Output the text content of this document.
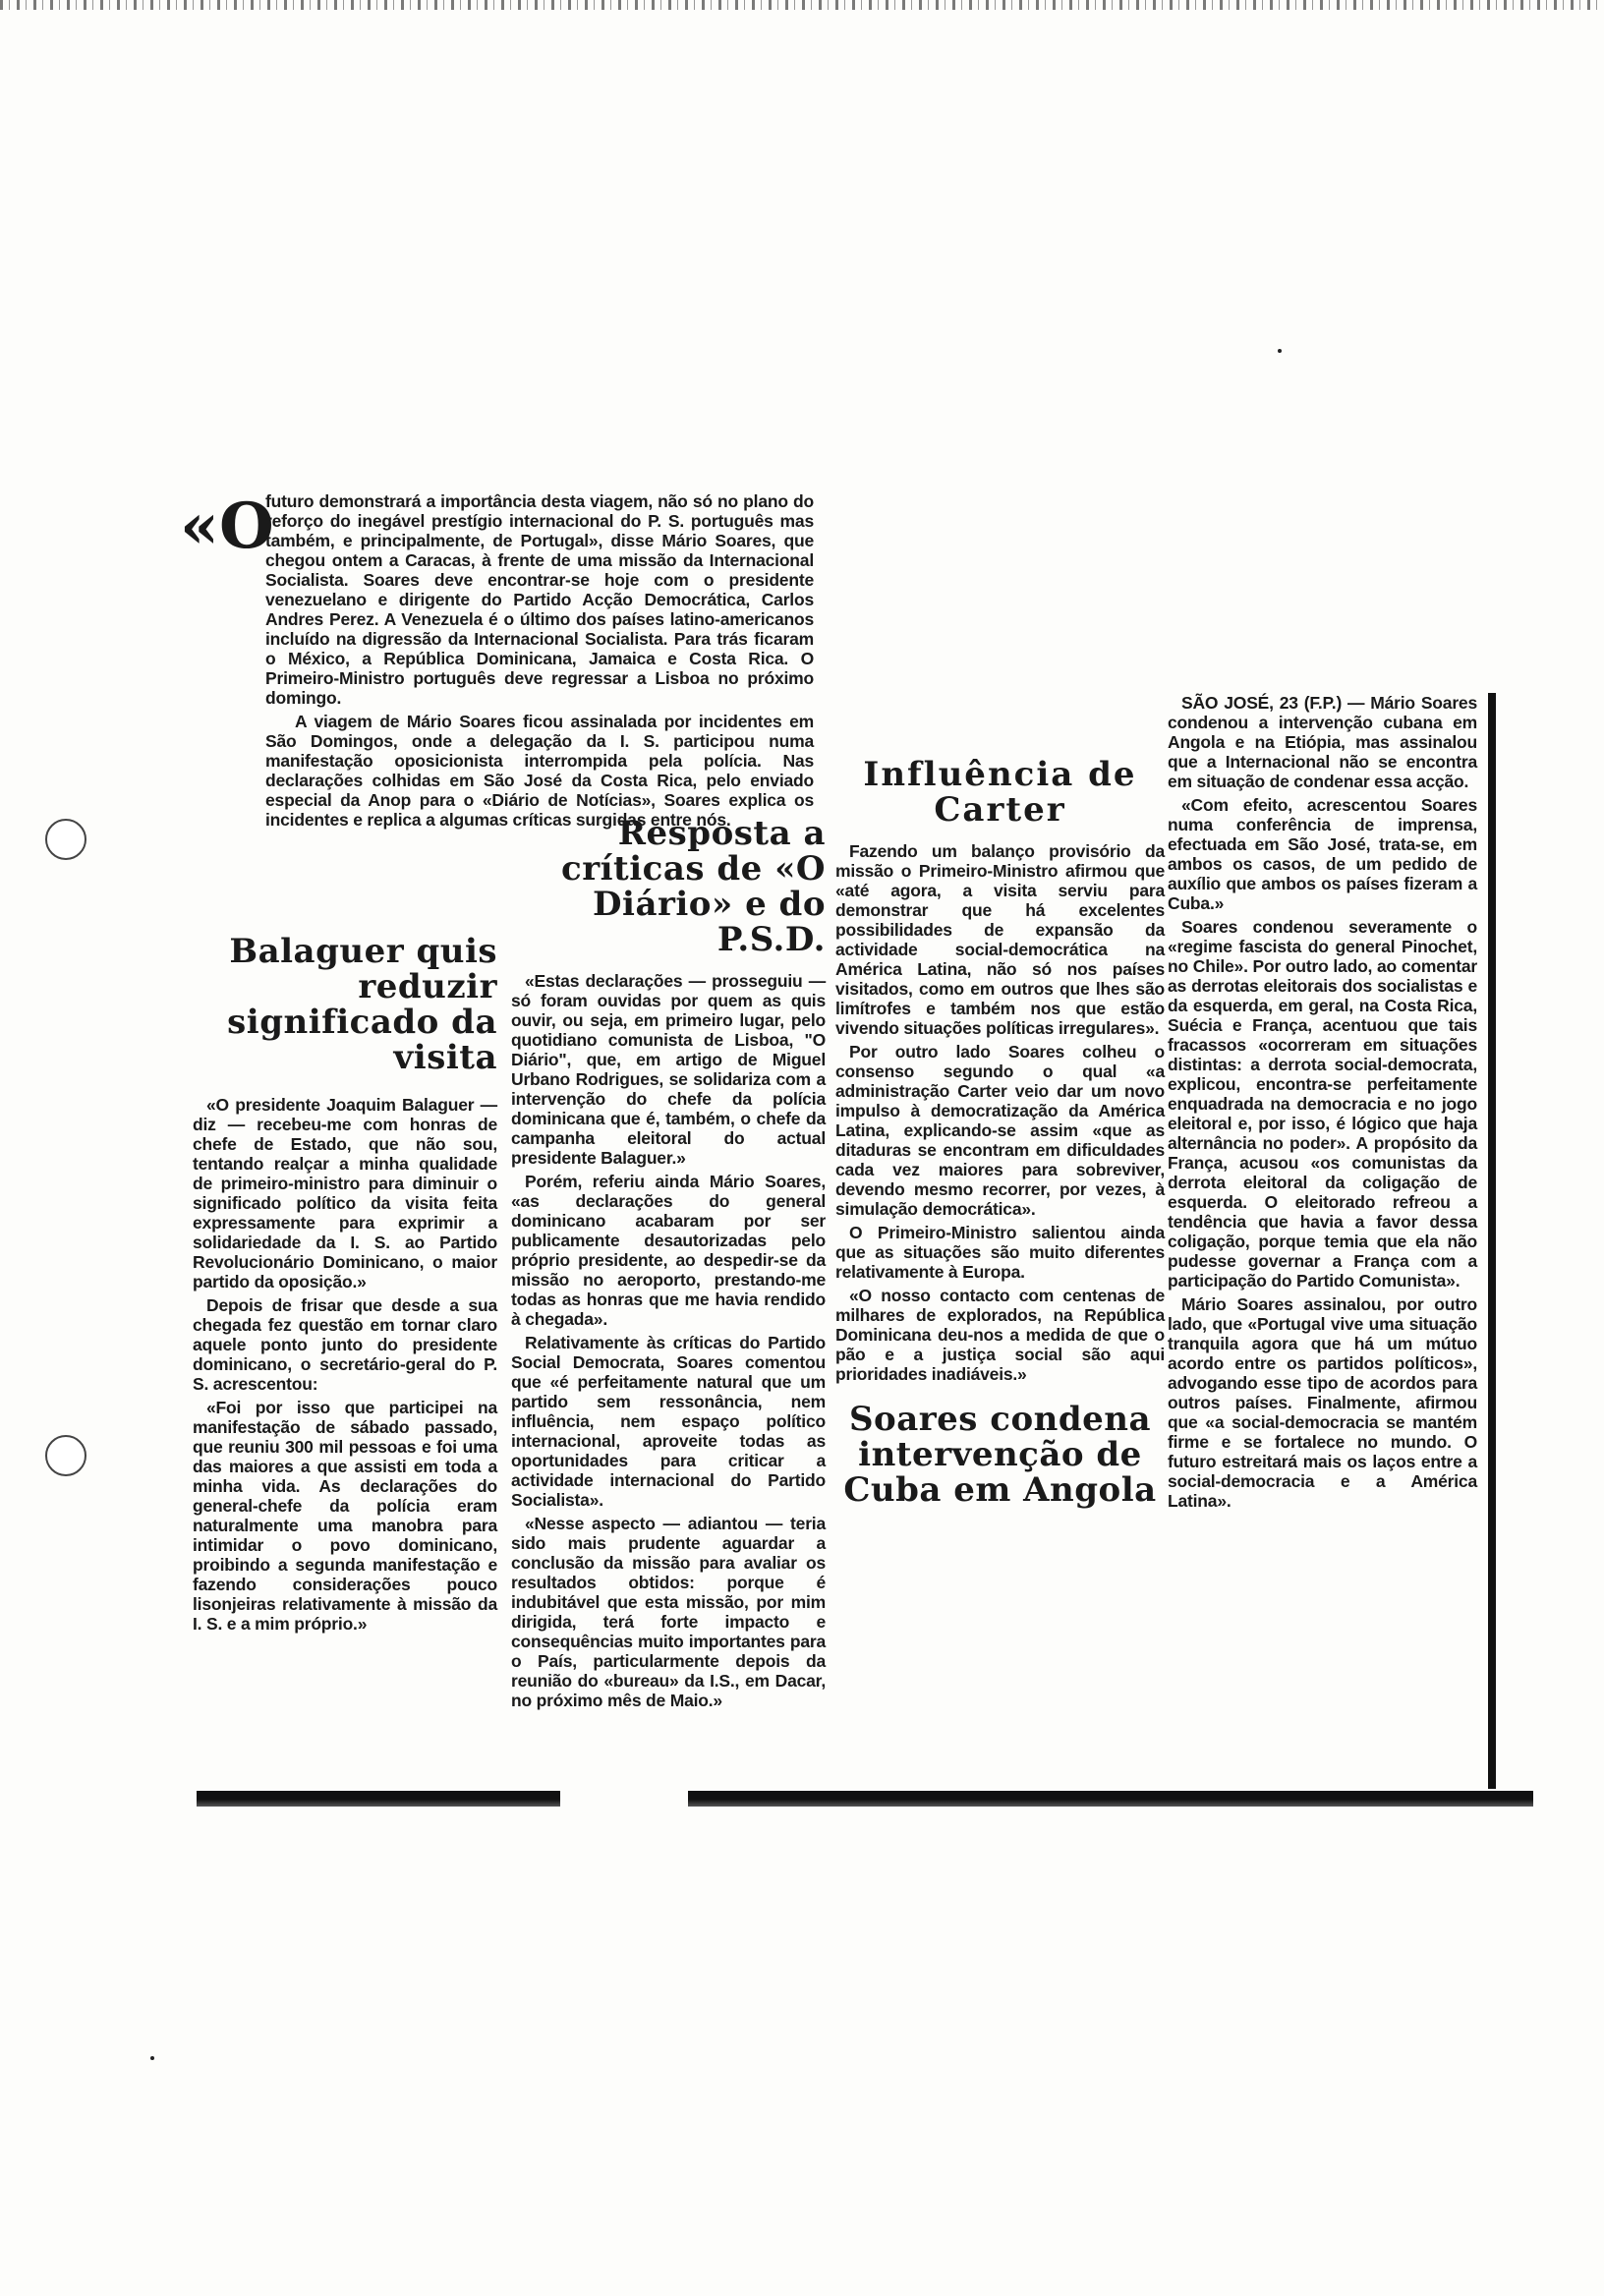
«O

futuro demonstrará a importância desta viagem, não só no plano do reforço do inegável prestígio internacional do P. S. português mas também, e principalmente, de Portugal», disse Mário Soares, que chegou ontem a Caracas, à frente de uma missão da Internacional Socialista. Soares deve encontrar-se hoje com o presidente venezuelano e dirigente do Partido Acção Democrática, Carlos Andres Perez. A Venezuela é o último dos países latino-americanos incluído na digressão da Internacional Socialista. Para trás ficaram o México, a República Dominicana, Jamaica e Costa Rica. O Primeiro-Ministro português deve regressar a Lisboa no próximo domingo.

A viagem de Mário Soares ficou assinalada por incidentes em São Domingos, onde a delegação da I. S. participou numa manifestação oposicionista interrompida pela polícia. Nas declarações colhidas em São José da Costa Rica, pelo enviado especial da Anop para o «Diário de Notícias», Soares explica os incidentes e replica a algumas críticas surgidas entre nós.

Balaguer quis reduzir significado da visita

«O presidente Joaquim Balaguer — diz — recebeu-me com honras de chefe de Estado, que não sou, tentando realçar a minha qualidade de primeiro-ministro para diminuir o significado político da visita feita expressamente para exprimir a solidariedade da I. S. ao Partido Revolucionário Dominicano, o maior partido da oposição.»

Depois de frisar que desde a sua chegada fez questão em tornar claro aquele ponto junto do presidente dominicano, o secretário-geral do P. S. acrescentou:

«Foi por isso que participei na manifestação de sábado passado, que reuniu 300 mil pessoas e foi uma das maiores a que assisti em toda a minha vida. As declarações do general-chefe da polícia eram naturalmente uma manobra para intimidar o povo dominicano, proibindo a segunda manifestação e fazendo considerações pouco lisonjeiras relativamente à missão da I. S. e a mim próprio.»

Resposta a críticas de «O Diário» e do P.S.D.

«Estas declarações — prosseguiu — só foram ouvidas por quem as quis ouvir, ou seja, em primeiro lugar, pelo quotidiano comunista de Lisboa, "O Diário", que, em artigo de Miguel Urbano Rodrigues, se solidariza com a intervenção do chefe da polícia dominicana que é, também, o chefe da campanha eleitoral do actual presidente Balaguer.»

Porém, referiu ainda Mário Soares, «as declarações do general dominicano acabaram por ser publicamente desautorizadas pelo próprio presidente, ao despedir-se da missão no aeroporto, prestando-me todas as honras que me havia rendido à chegada».

Relativamente às críticas do Partido Social Democrata, Soares comentou que «é perfeitamente natural que um partido sem ressonância, nem influência, nem espaço político internacional, aproveite todas as oportunidades para criticar a actividade internacional do Partido Socialista».

«Nesse aspecto — adiantou — teria sido mais prudente aguardar a conclusão da missão para avaliar os resultados obtidos: porque é indubitável que esta missão, por mim dirigida, terá forte impacto e consequências muito importantes para o País, particularmente depois da reunião do «bureau» da I.S., em Dacar, no próximo mês de Maio.»

Influência de Carter

Fazendo um balanço provisório da missão o Primeiro-Ministro afirmou que «até agora, a visita serviu para demonstrar que há excelentes possibilidades de expansão da actividade social-democrática na América Latina, não só nos países visitados, como em outros que lhes são limítrofes e também nos que estão vivendo situações políticas irregulares».

Por outro lado Soares colheu o consenso segundo o qual «a administração Carter veio dar um novo impulso à democratização da América Latina, explicando-se assim «que as ditaduras se encontram em dificuldades cada vez maiores para sobreviver, devendo mesmo recorrer, por vezes, à simulação democrática».

O Primeiro-Ministro salientou ainda que as situações são muito diferentes relativamente à Europa.

«O nosso contacto com centenas de milhares de explorados, na República Dominicana deu-nos a medida de que o pão e a justiça social são aqui prioridades inadiáveis.»

Soares condena intervenção de Cuba em Angola

SÃO JOSÉ, 23 (F.P.) — Mário Soares condenou a intervenção cubana em Angola e na Etiópia, mas assinalou que a Internacional não se encontra em situação de condenar essa acção.

«Com efeito, acrescentou Soares numa conferência de imprensa, efectuada em São José, trata-se, em ambos os casos, de um pedido de auxílio que ambos os países fizeram a Cuba.»

Soares condenou severamente o «regime fascista do general Pinochet, no Chile». Por outro lado, ao comentar as derrotas eleitorais dos socialistas e da esquerda, em geral, na Costa Rica, Suécia e França, acentuou que tais fracassos «ocorreram em situações distintas: a derrota social-democrata, explicou, encontra-se perfeitamente enquadrada na democracia e no jogo eleitoral e, por isso, é lógico que haja alternância no poder». A propósito da França, acusou «os comunistas da derrota eleitoral da coligação de esquerda. O eleitorado refreou a tendência que havia a favor dessa coligação, porque temia que ela não pudesse governar a França com a participação do Partido Comunista».

Mário Soares assinalou, por outro lado, que «Portugal vive uma situação tranquila agora que há um mútuo acordo entre os partidos políticos», advogando esse tipo de acordos para outros países. Finalmente, afirmou que «a social-democracia se mantém firme e se fortalece no mundo. O futuro estreitará mais os laços entre a social-democracia e a América Latina».
